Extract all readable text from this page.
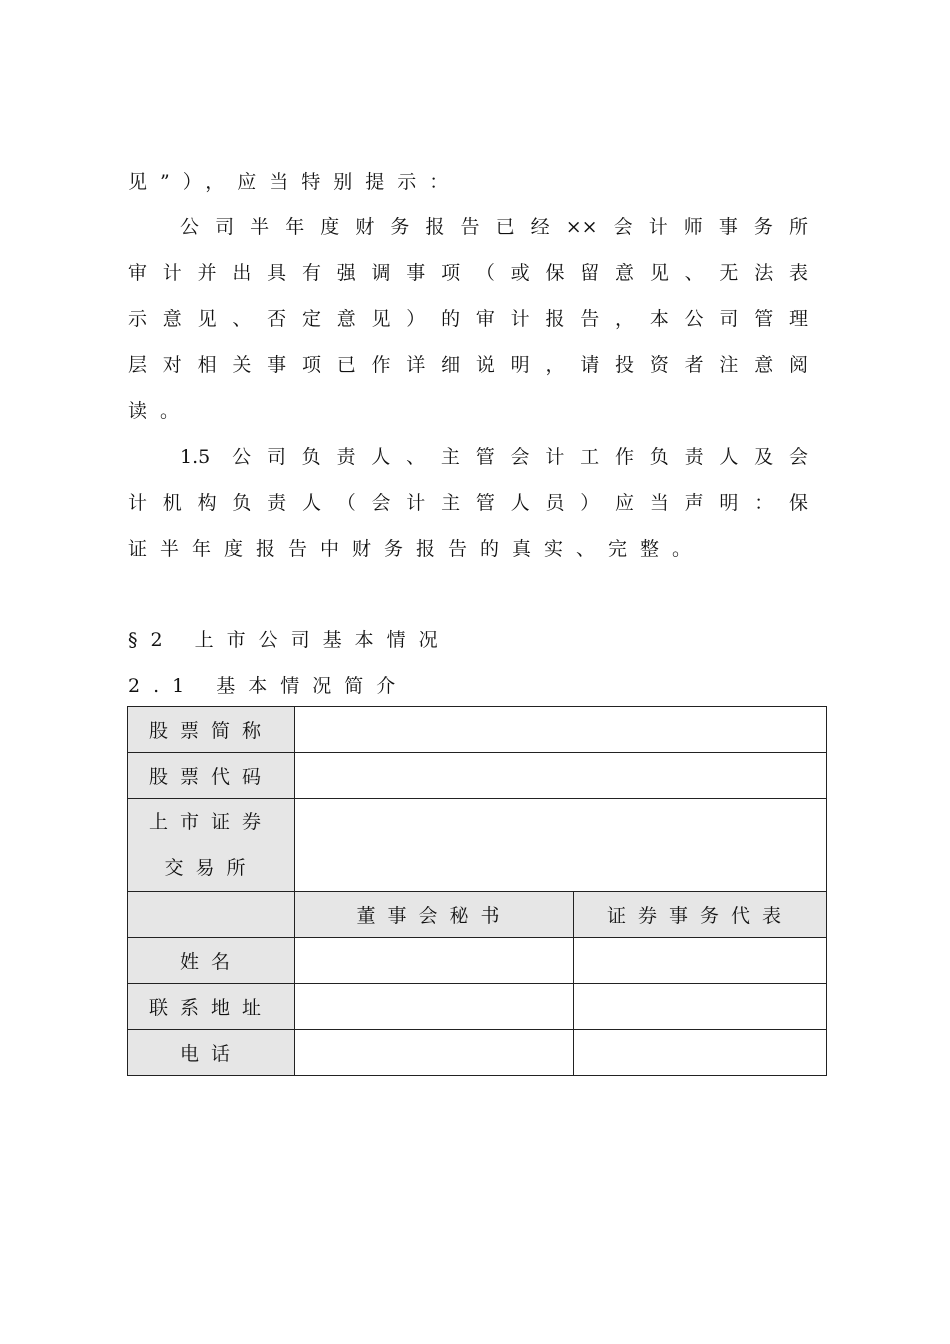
见”），应当特别提示：
公司半年度财务报告已经××会计师事务所
审计并出具有强调事项（或保留意见、无法表
示意见、否定意见）的审计报告，本公司管理
层对相关事项已作详细说明，请投资者注意阅
读。
1.5 公司负责人、主管会计工作负责人及会
计机构负责人（会计主管人员）应当声明：保
证半年度报告中财务报告的真实、完整。
§2 上市公司基本情况
2.1 基本情况简介
股票简称		
股票代码		

上市证券
交易所		

	董事会秘书	证券事务代表
姓名		
联系地址		
电话		
